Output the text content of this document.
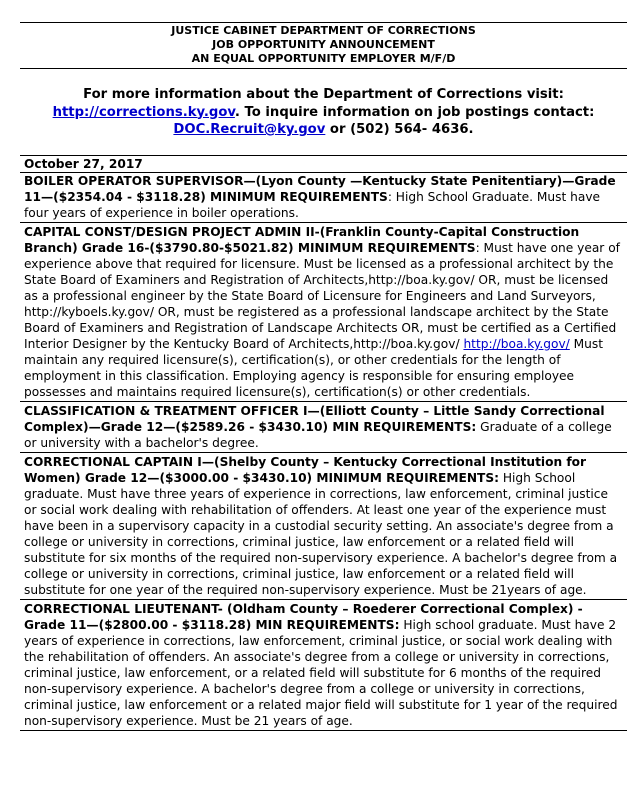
JUSTICE CABINET DEPARTMENT OF CORRECTIONS
JOB OPPORTUNITY ANNOUNCEMENT
AN EQUAL OPPORTUNITY EMPLOYER M/F/D
For more information about the Department of Corrections visit:
http://corrections.ky.gov. To inquire information on job postings contact:
DOC.Recruit@ky.gov or (502) 564- 4636.
October 27, 2017
BOILER OPERATOR SUPERVISOR—(Lyon County —Kentucky State Penitentiary)—Grade 11—($2354.04 - $3118.28) MINIMUM REQUIREMENTS: High School Graduate. Must have four years of experience in boiler operations.
CAPITAL CONST/DESIGN PROJECT ADMIN II-(Franklin County-Capital Construction Branch) Grade 16-($3790.80-$5021.82) MINIMUM REQUIREMENTS: Must have one year of experience above that required for licensure. Must be licensed as a professional architect by the State Board of Examiners and Registration of Architects,http://boa.ky.gov/ OR, must be licensed as a professional engineer by the State Board of Licensure for Engineers and Land Surveyors, http://kyboels.ky.gov/ OR, must be registered as a professional landscape architect by the State Board of Examiners and Registration of Landscape Architects OR, must be certified as a Certified Interior Designer by the Kentucky Board of Architects,http://boa.ky.gov/ http://boa.ky.gov/ Must maintain any required licensure(s), certification(s), or other credentials for the length of employment in this classification. Employing agency is responsible for ensuring employee possesses and maintains required licensure(s), certification(s) or other credentials.
CLASSIFICATION & TREATMENT OFFICER I—(Elliott County – Little Sandy Correctional Complex)—Grade 12—($2589.26 - $3430.10) MIN REQUIREMENTS: Graduate of a college or university with a bachelor's degree.
CORRECTIONAL CAPTAIN I—(Shelby County – Kentucky Correctional Institution for Women) Grade 12—($3000.00 - $3430.10) MINIMUM REQUIREMENTS: High School graduate. Must have three years of experience in corrections, law enforcement, criminal justice or social work dealing with rehabilitation of offenders. At least one year of the experience must have been in a supervisory capacity in a custodial security setting. An associate's degree from a college or university in corrections, criminal justice, law enforcement or a related field will substitute for six months of the required non-supervisory experience. A bachelor's degree from a college or university in corrections, criminal justice, law enforcement or a related field will substitute for one year of the required non-supervisory experience. Must be 21years of age.
CORRECTIONAL LIEUTENANT- (Oldham County – Roederer Correctional Complex) - Grade 11—($2800.00 - $3118.28) MIN REQUIREMENTS: High school graduate. Must have 2 years of experience in corrections, law enforcement, criminal justice, or social work dealing with the rehabilitation of offenders. An associate's degree from a college or university in corrections, criminal justice, law enforcement, or a related field will substitute for 6 months of the required non-supervisory experience. A bachelor's degree from a college or university in corrections, criminal justice, law enforcement or a related major field will substitute for 1 year of the required non-supervisory experience. Must be 21 years of age.
